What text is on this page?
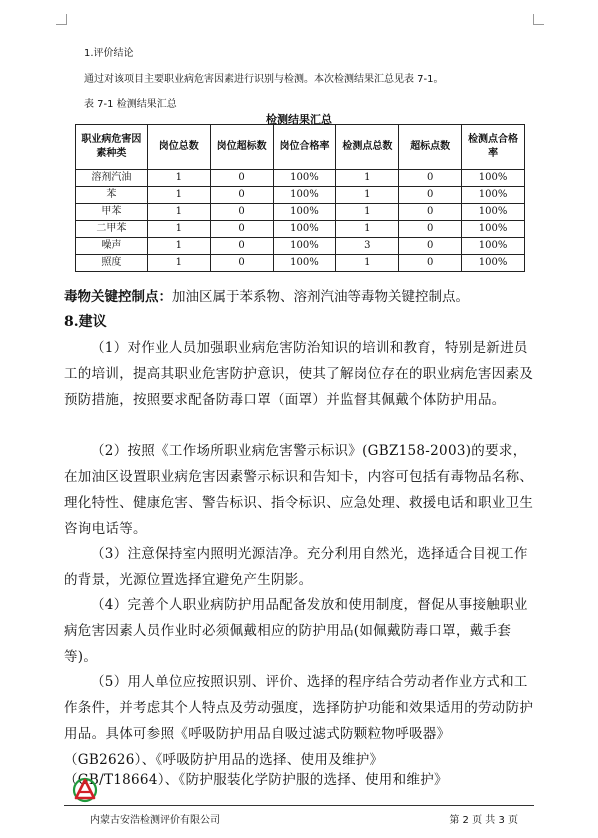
1.评价结论
通过对该项目主要职业病危害因素进行识别与检测。本次检测结果汇总见表 7-1。
表 7-1 检测结果汇总
检测结果汇总
职业病危害因素种类	岗位总数	岗位超标数	岗位合格率	检测点总数	超标点数	检测点合格率
溶剂汽油	1	0	100%	1	0	100%
苯	1	0	100%	1	0	100%
甲苯	1	0	100%	1	0	100%
二甲苯	1	0	100%	1	0	100%
噪声	1	0	100%	3	0	100%
照度	1	0	100%	1	0	100%
毒物关键控制点：加油区属于苯系物、溶剂汽油等毒物关键控制点。
8.建议
（1）对作业人员加强职业病危害防治知识的培训和教育，特别是新进员工的培训，提高其职业危害防护意识，使其了解岗位存在的职业病危害因素及预防措施，按照要求配备防毒口罩（面罩）并监督其佩戴个体防护用品。
（2）按照《工作场所职业病危害警示标识》(GBZ158-2003)的要求，在加油区设置职业病危害因素警示标识和告知卡，内容可包括有毒物品名称、理化特性、健康危害、警告标识、指令标识、应急处理、救援电话和职业卫生咨询电话等。
（3）注意保持室内照明光源洁净。充分利用自然光，选择适合目视工作的背景，光源位置选择宜避免产生阴影。
（4）完善个人职业病防护用品配备发放和使用制度，督促从事接触职业病危害因素人员作业时必须佩戴相应的防护用品(如佩戴防毒口罩，戴手套等)。
（5）用人单位应按照识别、评价、选择的程序结合劳动者作业方式和工作条件，并考虑其个人特点及劳动强度，选择防护功能和效果适用的劳动防护用品。具体可参照《呼吸防护用品自吸过滤式防颗粒物呼吸器》（GB2626）、《呼吸防护用品的选择、使用及维护》
（GB/T18664）、《防护服装化学防护服的选择、使用和维护》
内蒙古安浩检测评价有限公司	第 2 页 共 3 页
